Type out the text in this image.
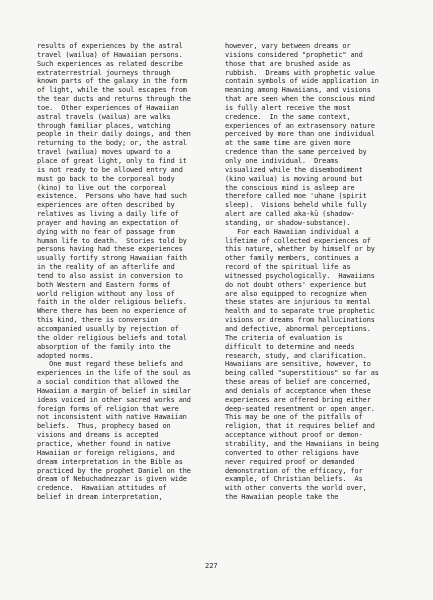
results of experiences by the astral
travel (wailua) of Hawaiian persons.
Such experiences as related describe
extraterrestrial journeys through
known parts of the galaxy in the form
of light, while the soul escapes from
the tear ducts and returns through the
toe.  Other experiences of Hawaiian
astral travels (wailua) are walks
through familiar places, watching
people in their daily doings, and then
returning to the body; or, the astral
travel (wailua) moves upward to a
place of great light, only to find it
is not ready to be allowed entry and
must go back to the corporeal body
(kino) to live out the corporeal
existence.  Persons who have had such
experiences are often described by
relatives as living a daily life of
prayer and having an expectation of
dying with no fear of passage from
human life to death.  Stories told by
persons having had these experiences
usually fortify strong Hawaiian faith
in the reality of an afterlife and
tend to also assist in conversion to
both Western and Eastern forms of
world religion without any loss of
faith in the older religious beliefs.
Where there has been no experience of
this kind, there is conversion
accompanied usually by rejection of
the older religious beliefs and total
absorption of the family into the
adopted norms.
One must regard these beliefs and
experiences in the life of the soul as
a social condition that allowed the
Hawaiian a margin of belief in similar
ideas voiced in other sacred works and
foreign forms of religion that were
not inconsistent with native Hawaiian
beliefs.  Thus, prophecy based on
visions and dreams is accepted
practice, whether found in native
Hawaiian or foreign religions, and
dream interpretation in the Bible as
practiced by the prophet Daniel on the
dream of Nebuchadnezzar is given wide
credence.  Hawaiian attitudes of
belief in dream interpretation,
however, vary between dreams or
visions considered "prophetic" and
those that are brushed aside as
rubbish.  Dreams with prophetic value
contain symbols of wide application in
meaning among Hawaiians, and visions
that are seen when the conscious mind
is fully alert receive the most
credence.  In the same context,
experiences of an extrasensory nature
perceived by more than one individual
at the same time are given more
credence than the same perceived by
only one individual.  Dreams
visualized while the disembodiment
(kino wailua) is moving around but
the conscious mind is asleep are
therefore called moe 'uhane (spirit
sleep).  Visions beheld while fully
alert are called aka-kū (shadow-
standing, or shadow-substance).
For each Hawaiian individual a
lifetime of collected experiences of
this nature, whether by himself or by
other family members, continues a
record of the spiritual life as
witnessed psychologically.  Hawaiians
do not doubt others' experience but
are also equipped to recognize when
these states are injurious to mental
health and to separate true prophetic
visions or dreams from hallucinations
and defective, abnormal perceptions.
The criteria of evaluation is
difficult to determine and needs
research, study, and clarification.
Hawaiians are sensitive, however, to
being called "superstitious" so far as
these areas of belief are concerned,
and denials of acceptance when these
experiences are offered bring either
deep-seated resentment or open anger.
This may be one of the pitfalls of
religion, that it requires belief and
acceptance without proof or demon-
strability, and the Hawaiians in being
converted to other religions have
never required proof or demanded
demonstration of the efficacy, for
example, of Christian beliefs.  As
with other converts the world over,
the Hawaiian people take the
227
